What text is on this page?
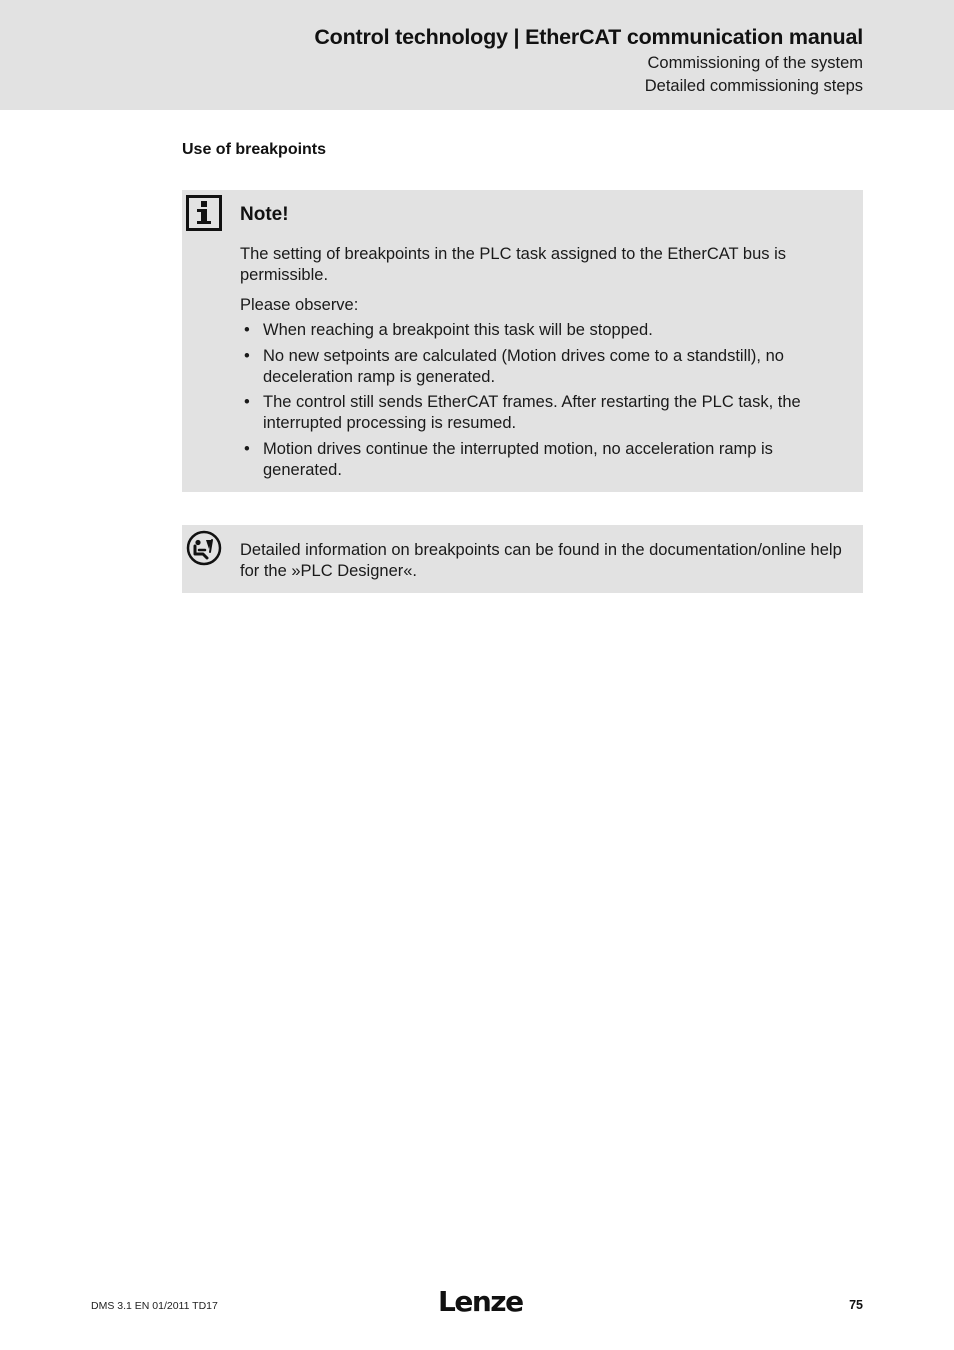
Control technology | EtherCAT communication manual
Commissioning of the system
Detailed commissioning steps
Use of breakpoints
Note!

The setting of breakpoints in the PLC task assigned to the EtherCAT bus is permissible.

Please observe:

• When reaching a breakpoint this task will be stopped.
• No new setpoints are calculated (Motion drives come to a standstill), no deceleration ramp is generated.
• The control still sends EtherCAT frames. After restarting the PLC task, the interrupted processing is resumed.
• Motion drives continue the interrupted motion, no acceleration ramp is generated.

Detailed information on breakpoints can be found in the documentation/online help for the »PLC Designer«.

DMS 3.1 EN 01/2011 TD17	Lenze	75
